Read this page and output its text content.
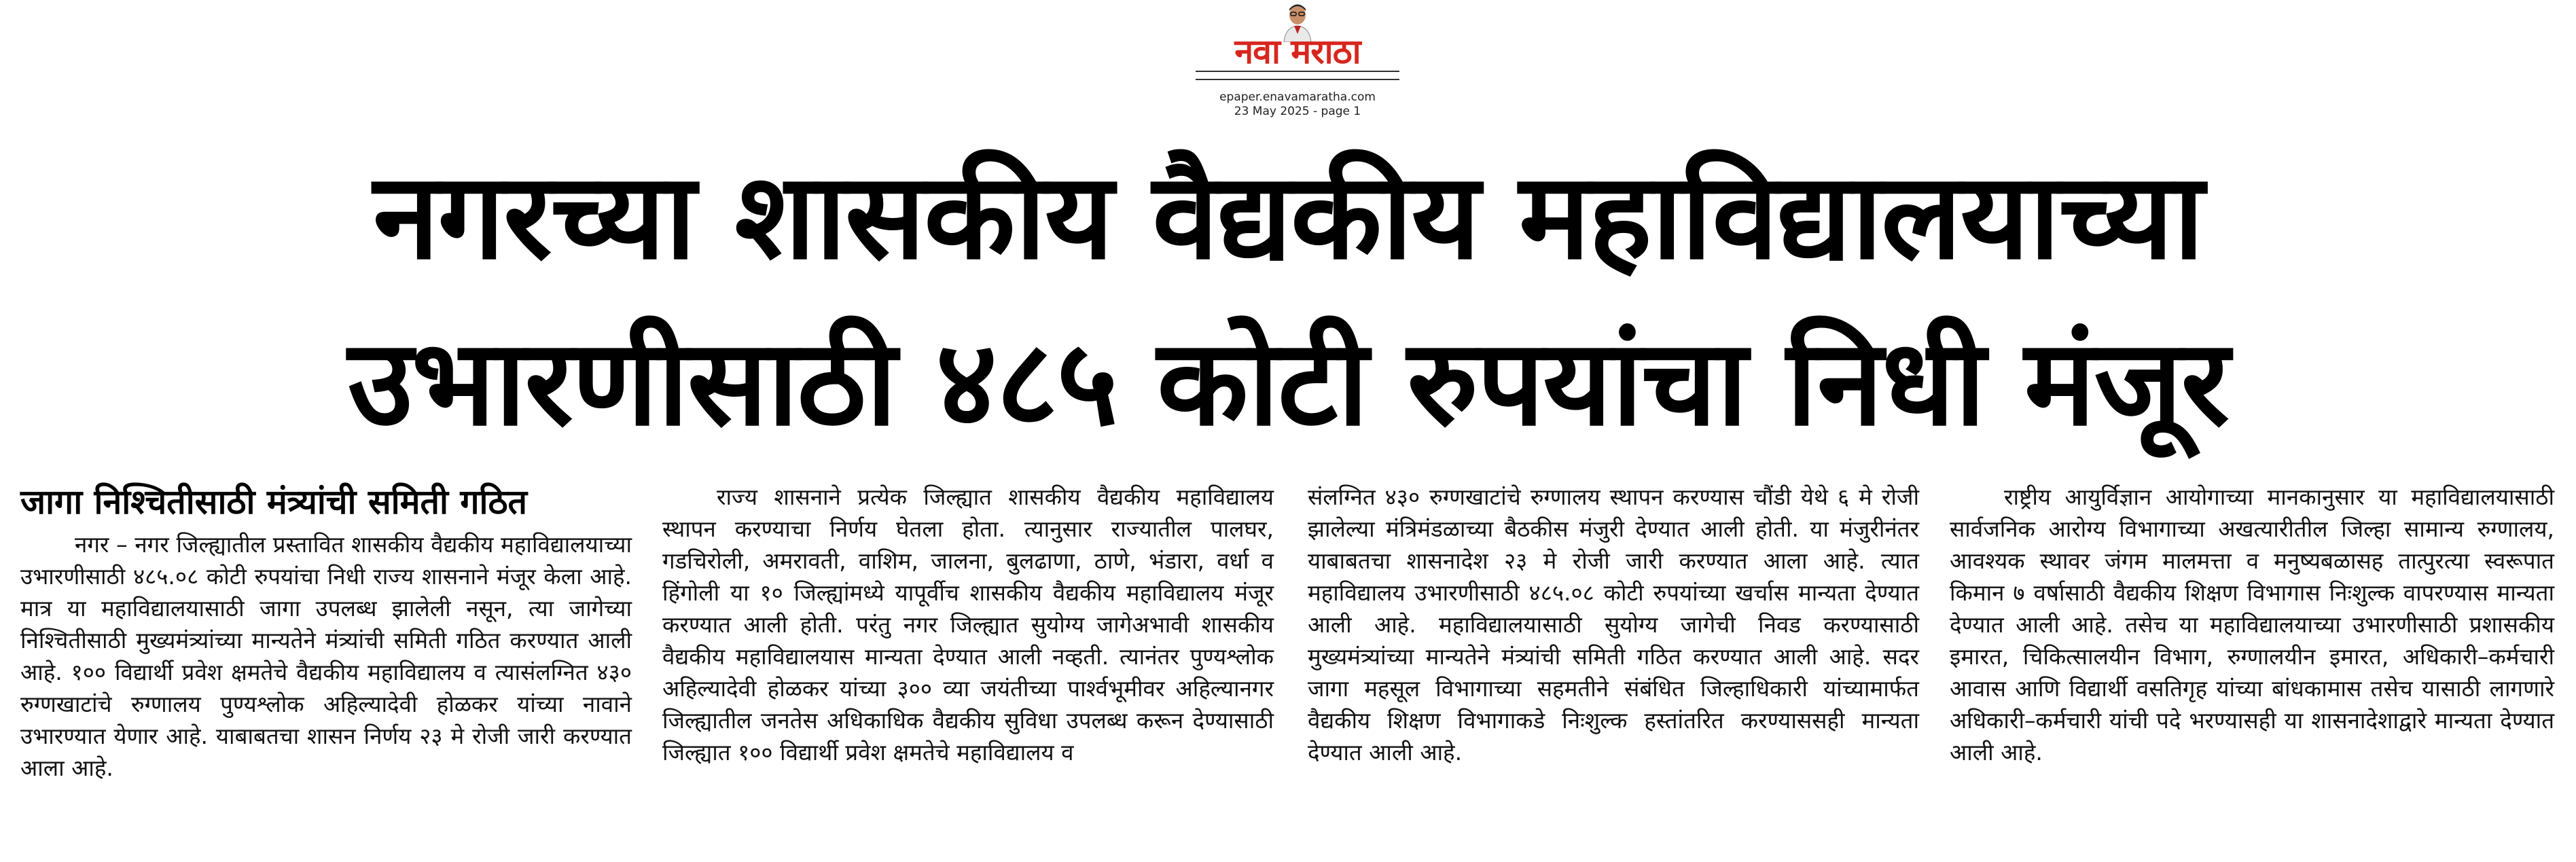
नवा मराठा
epaper.enavamaratha.com
23 May 2025 - page 1
नगरच्या शासकीय वैद्यकीय महाविद्यालयाच्या
उभारणीसाठी ४८५ कोटी रुपयांचा निधी मंजूर
जागा निश्चितीसाठी मंत्र्यांची समिती गठित

नगर – नगर जिल्ह्यातील प्रस्तावित शासकीय वैद्यकीय महाविद्यालयाच्या उभारणीसाठी ४८५.०८ कोटी रुपयांचा निधी राज्य शासनाने मंजूर केला आहे. मात्र या महाविद्यालयासाठी जागा उपलब्ध झालेली नसून, त्या जागेच्या निश्चितीसाठी मुख्यमंत्र्यांच्या मान्यतेने मंत्र्यांची समिती गठित करण्यात आली आहे. १०० विद्यार्थी प्रवेश क्षमतेचे वैद्यकीय महाविद्यालय व त्यासंलग्नित ४३० रुग्णखाटांचे रुग्णालय पुण्यश्लोक अहिल्यादेवी होळकर यांच्या नावाने उभारण्यात येणार आहे. याबाबतचा शासन निर्णय २३ मे रोजी जारी करण्यात आला आहे.

राज्य शासनाने प्रत्येक जिल्ह्यात शासकीय वैद्यकीय महाविद्यालय स्थापन करण्याचा निर्णय घेतला होता. त्यानुसार राज्यातील पालघर, गडचिरोली, अमरावती, वाशिम, जालना, बुलढाणा, ठाणे, भंडारा, वर्धा व हिंगोली या १० जिल्ह्यांमध्ये यापूर्वीच शासकीय वैद्यकीय महाविद्यालय मंजूर करण्यात आली होती. परंतु नगर जिल्ह्यात सुयोग्य जागेअभावी शासकीय वैद्यकीय महाविद्यालयास मान्यता देण्यात आली नव्हती. त्यानंतर पुण्यश्लोक अहिल्यादेवी होळकर यांच्या ३०० व्या जयंतीच्या पार्श्वभूमीवर अहिल्यानगर जिल्ह्यातील जनतेस अधिकाधिक वैद्यकीय सुविधा उपलब्ध करून देण्यासाठी जिल्ह्यात १०० विद्यार्थी प्रवेश क्षमतेचे महाविद्यालय व

संलग्नित ४३० रुग्णखाटांचे रुग्णालय स्थापन करण्यास चौंडी येथे ६ मे रोजी झालेल्या मंत्रिमंडळाच्या बैठकीस मंजुरी देण्यात आली होती. या मंजुरीनंतर याबाबतचा शासनादेश २३ मे रोजी जारी करण्यात आला आहे. त्यात महाविद्यालय उभारणीसाठी ४८५.०८ कोटी रुपयांच्या खर्चास मान्यता देण्यात आली आहे. महाविद्यालयासाठी सुयोग्य जागेची निवड करण्यासाठी मुख्यमंत्र्यांच्या मान्यतेने मंत्र्यांची समिती गठित करण्यात आली आहे. सदर जागा महसूल विभागाच्या सहमतीने संबंधित जिल्हाधिकारी यांच्यामार्फत वैद्यकीय शिक्षण विभागाकडे निःशुल्क हस्तांतरित करण्याससही मान्यता देण्यात आली आहे.

राष्ट्रीय आयुर्विज्ञान आयोगाच्या मानकानुसार या महाविद्यालयासाठी सार्वजनिक आरोग्य विभागाच्या अखत्यारीतील जिल्हा सामान्य रुग्णालय, आवश्यक स्थावर जंगम मालमत्ता व मनुष्यबळासह तात्पुरत्या स्वरूपात किमान ७ वर्षासाठी वैद्यकीय शिक्षण विभागास निःशुल्क वापरण्यास मान्यता देण्यात आली आहे. तसेच या महाविद्यालयाच्या उभारणीसाठी प्रशासकीय इमारत, चिकित्सालयीन विभाग, रुग्णालयीन इमारत, अधिकारी–कर्मचारी आवास आणि विद्यार्थी वसतिगृह यांच्या बांधकामास तसेच यासाठी लागणारे अधिकारी–कर्मचारी यांची पदे भरण्यासही या शासनादेशाद्वारे मान्यता देण्यात आली आहे.
